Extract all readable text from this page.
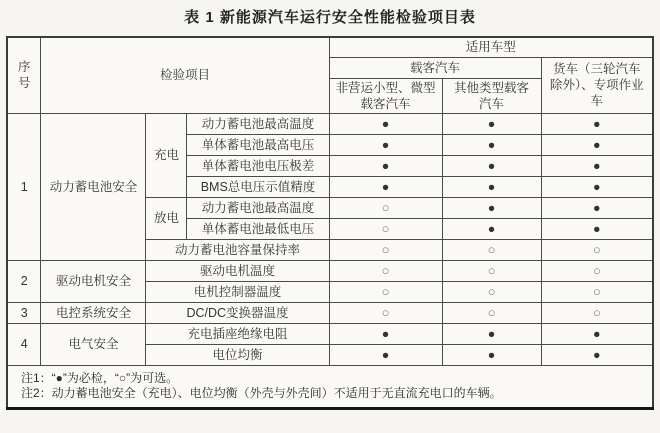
表 1 新能源汽车运行安全性能检验项目表
序号	检验项目			适用车型		
				载客汽车		货车（三轮汽车除外）、专项作业车
				非营运小型、微型载客汽车	其他类型载客汽车	
1	动力蓄电池安全	充电	动力蓄电池最高温度	●	●	●
			单体蓄电池最高电压	●	●	●
			单体蓄电池电压极差	●	●	●
			BMS总电压示值精度	●	●	●
		放电	动力蓄电池最高温度	○	●	●
			单体蓄电池最低电压	○	●	●
		动力蓄电池容量保持率		○	○	○
2	驱动电机安全	驱动电机温度		○	○	○
		电机控制器温度		○	○	○
3	电控系统安全	DC/DC变换器温度		○	○	○
4	电气安全	充电插座绝缘电阻		●	●	●
		电位均衡		●	●	●

注1：“●”为必检，“○”为可选。
注2：动力蓄电池安全（充电）、电位均衡（外壳与外壳间）不适用于无直流充电口的车辆。						
